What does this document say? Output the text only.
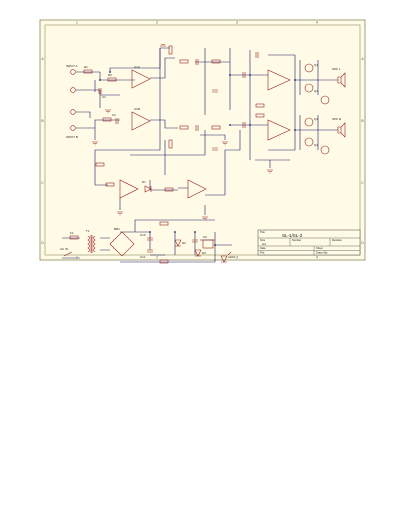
1	2	3	4
1	2	3	4
A
B
C
D
A
B
C
D
INPUT A
INPUT B
SPK L
SPK R
U1A
U1B
R1
R2
C1
C2
Q1
Q2
Q3
Q4
D1
D2
D3
LED1
BR1
T1
F1	C10
C11
U2
AC IN
Title
SL-1/SL-2
Size
A4
Number	Revision
Date:	Sheet
File:	Drawn By:
